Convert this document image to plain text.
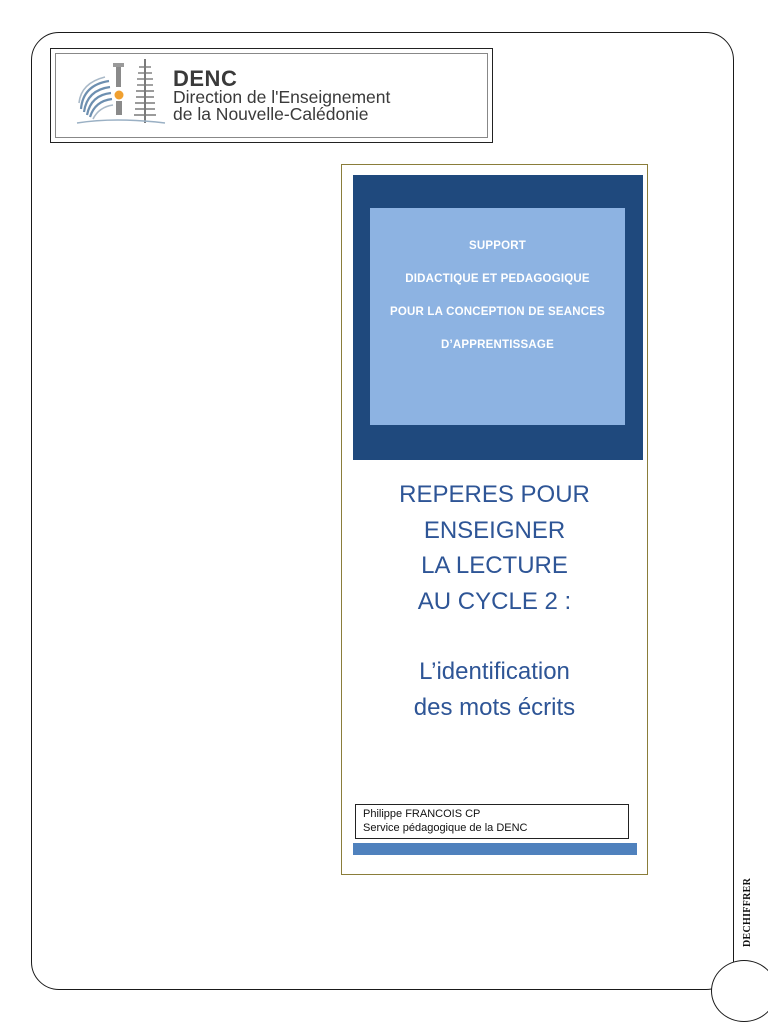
DENC
Direction de l'Enseignement
de la Nouvelle-Calédonie
SUPPORT
DIDACTIQUE ET PEDAGOGIQUE
POUR LA CONCEPTION DE SEANCES
D’APPRENTISSAGE
REPERES POUR
ENSEIGNER
LA LECTURE
AU CYCLE 2 :
L’identification
des mots écrits
Philippe FRANCOIS CP
Service pédagogique de la DENC
DECHIFFRER
